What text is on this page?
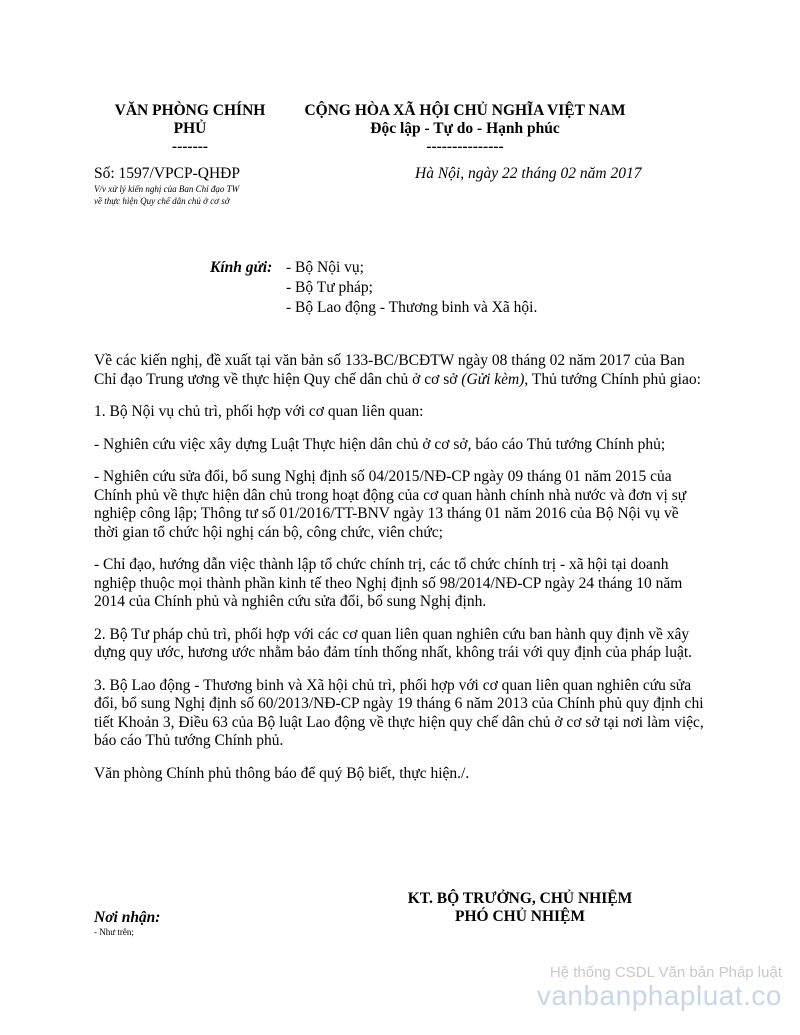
VĂN PHÒNG CHÍNH
PHỦ
-------
CỘNG HÒA XÃ HỘI CHỦ NGHĨA VIỆT NAM
Độc lập - Tự do - Hạnh phúc
---------------
Số: 1597/VPCP-QHĐP
V/v xử lý kiến nghị của Ban Chỉ đạo TW
về thực hiện Quy chế dân chủ ở cơ sở
Hà Nội, ngày 22 tháng 02 năm 2017
Kính gửi: - Bộ Nội vụ;
- Bộ Tư pháp;
- Bộ Lao động - Thương binh và Xã hội.

Về các kiến nghị, đề xuất tại văn bản số 133-BC/BCĐTW ngày 08 tháng 02 năm 2017 của Ban Chỉ đạo Trung ương về thực hiện Quy chế dân chủ ở cơ sở (Gửi kèm), Thủ tướng Chính phủ giao:

1. Bộ Nội vụ chủ trì, phối hợp với cơ quan liên quan:

- Nghiên cứu việc xây dựng Luật Thực hiện dân chủ ở cơ sở, báo cáo Thủ tướng Chính phủ;

- Nghiên cứu sửa đổi, bổ sung Nghị định số 04/2015/NĐ-CP ngày 09 tháng 01 năm 2015 của Chính phủ về thực hiện dân chủ trong hoạt động của cơ quan hành chính nhà nước và đơn vị sự nghiệp công lập; Thông tư số 01/2016/TT-BNV ngày 13 tháng 01 năm 2016 của Bộ Nội vụ về thời gian tổ chức hội nghị cán bộ, công chức, viên chức;

- Chỉ đạo, hướng dẫn việc thành lập tổ chức chính trị, các tổ chức chính trị - xã hội tại doanh nghiệp thuộc mọi thành phần kinh tế theo Nghị định số 98/2014/NĐ-CP ngày 24 tháng 10 năm 2014 của Chính phủ và nghiên cứu sửa đổi, bổ sung Nghị định.

2. Bộ Tư pháp chủ trì, phối hợp với các cơ quan liên quan nghiên cứu ban hành quy định về xây dựng quy ước, hương ước nhằm bảo đảm tính thống nhất, không trái với quy định của pháp luật.

3. Bộ Lao động - Thương binh và Xã hội chủ trì, phối hợp với cơ quan liên quan nghiên cứu sửa đổi, bổ sung Nghị định số 60/2013/NĐ-CP ngày 19 tháng 6 năm 2013 của Chính phủ quy định chi tiết Khoản 3, Điều 63 của Bộ luật Lao động về thực hiện quy chế dân chủ ở cơ sở tại nơi làm việc, báo cáo Thủ tướng Chính phủ.

Văn phòng Chính phủ thông báo để quý Bộ biết, thực hiện./.

KT. BỘ TRƯỞNG, CHỦ NHIỆM
PHÓ CHỦ NHIỆM
Nơi nhận:
- Như trên;
Hệ thống CSDL Văn bản Pháp luật
vanbanphapluat.co
